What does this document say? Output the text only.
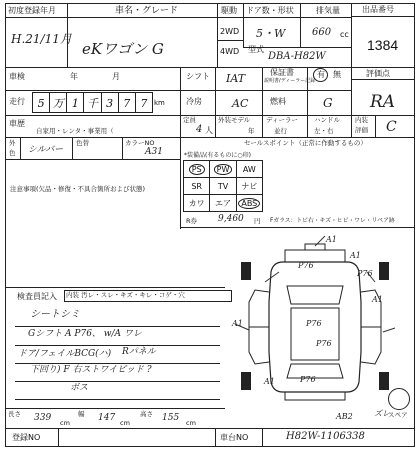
初度登録年月
H.21/11月
車名・グレード
eKワゴン G
駆動 ドア数・形状	排気量
2WD
4WD
5・W	660 cc
型式
DBA-H82W
出品番号
1384
車検	年	月	シフト IAT	保証書
説明書/ディーラー記録
有 無	評価点
RA
走行	5 万 1 千 3 7 7 km	冷房	AC	燃料	G
車歴
自家用・レンタ・事業用（
定員
4 人
外装モデル
年
ディーラー
並行
ハンドル
左・右
内装
評価 C
外
色 シルバー
色替	カラーNO
A31
セールスポイント（正常に作動するもの）
*装備品(有るものに○印)
PS	PW	AW
SR	TV	ナビ
カワ	エア	ABS
R券 9,460 円
注意事項(欠品・修復・不具合箇所および状態)
Fガラス：トビ右・キズ・ヒビ・ワレ・リペア跡
A1
P76
A1
P76
P76
A1
P76
A1
P76
A1
AB2	ズレ
スペア
検査員記入 内装 汚レ・スレ・キズ・キレ・コゲ・穴
シートシミ
Gシフト A P76、 w/A ワレ
ドア/フェイルBCG(ハ) Rパネル
下回り) F 右ストワイピッド ?
ボス
長さ 339 cm
幅 147 cm
高さ 155 cm
登録NO	車台NO	H82W-1106338
